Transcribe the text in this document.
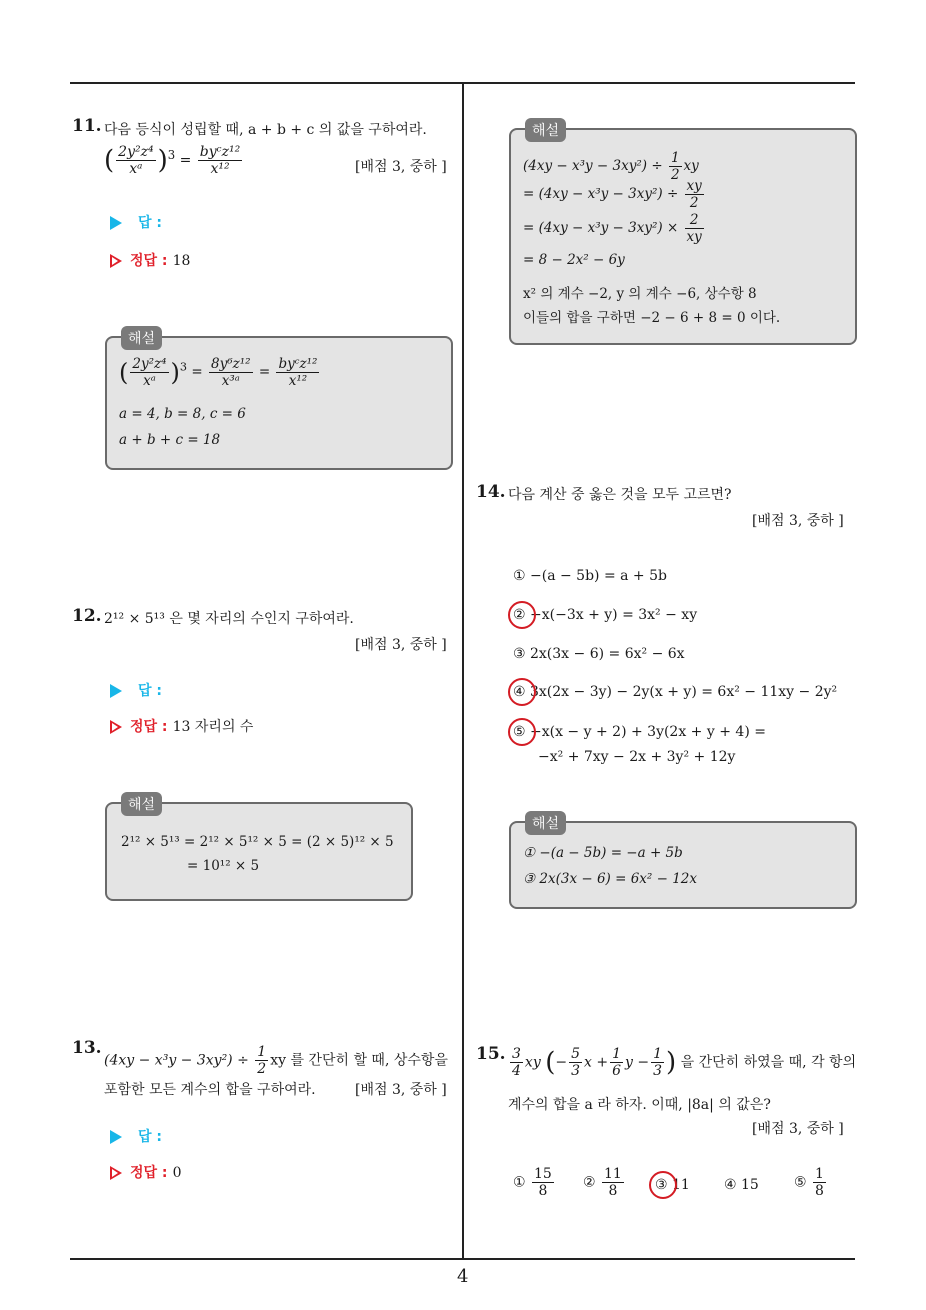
4
11. 다음 등식이 성립할 때, a + b + c 의 값을 구하여라.
( $\frac{\text{2y²z⁴}}{\text{xᵃ}} )^3 = \frac{\text{byᶜz¹²}}{\text{x¹²}}$	[배점 3, 중하 ]
답 :
정답 : 18
해설
( $\frac{\text{2y²z⁴}}{\text{xᵃ}} )^3 = \frac{\text{8y⁶z¹²}}{\text{x³ᵃ}} = \frac{\text{byᶜz¹²}}{\text{x¹²}}$
a = 4, b = 8, c = 6
a + b + c = 18
12. 2¹² × 5¹³ 은 몇 자리의 수인지 구하여라.
[배점 3, 중하 ]
답 :
정답 : 13 자리의 수
해설
2¹² × 5¹³ = 2¹² × 5¹² × 5 = (2 × 5)¹² × 5
= 10¹² × 5
13.
$(4xy - x^3y - 3xy^2) \div \frac{1}{2}$ xy 를 간단히 할 때, 상수항을
포함한 모든 계수의 합을 구하여라.	[배점 3, 중하 ]
답 :
정답 : 0
해설
$(4xy - x^3y - 3xy^2) \div \frac{1}{2}$ xy
= $(4xy - x^3y - 3xy^2) \div \frac{xy}{2}$
= $(4xy - x^3y - 3xy^2) \times \frac{2}{xy}$
= 8 − 2x² − 6y
x² 의 계수 −2, y 의 계수 −6, 상수항 8
이들의 합을 구하면 −2 − 6 + 8 = 0 이다.
14. 다음 계산 중 옳은 것을 모두 고르면?
[배점 3, 중하 ]
① −(a − 5b) = a + 5b
② −x(−3x + y) = 3x² − xy
③ 2x(3x − 6) = 6x² − 6x
④ 3x(2x − 3y) − 2y(x + y) = 6x² − 11xy − 2y²
⑤ −x(x − y + 2) + 3y(2x + y + 4) =
−x² + 7xy − 2x + 3y² + 12y
해설
① −(a − 5b) = −a + 5b
③ 2x(3x − 6) = 6x² − 12x
15. $\frac{3}{4}$ xy (− $\frac{5}{3}$ $x + \frac{1}{6}$ $y - \frac{1}{3}$ ) 을 간단히 하였을 때, 각 항의
계수의 합을 a 라 하자. 이때, |8a| 의 값은?
[배점 3, 중하 ]
① $\frac{15}{8}$ ② $\frac{11}{8}$ ③ 11 ④ 15	⑤ $\frac{1}{8}$
